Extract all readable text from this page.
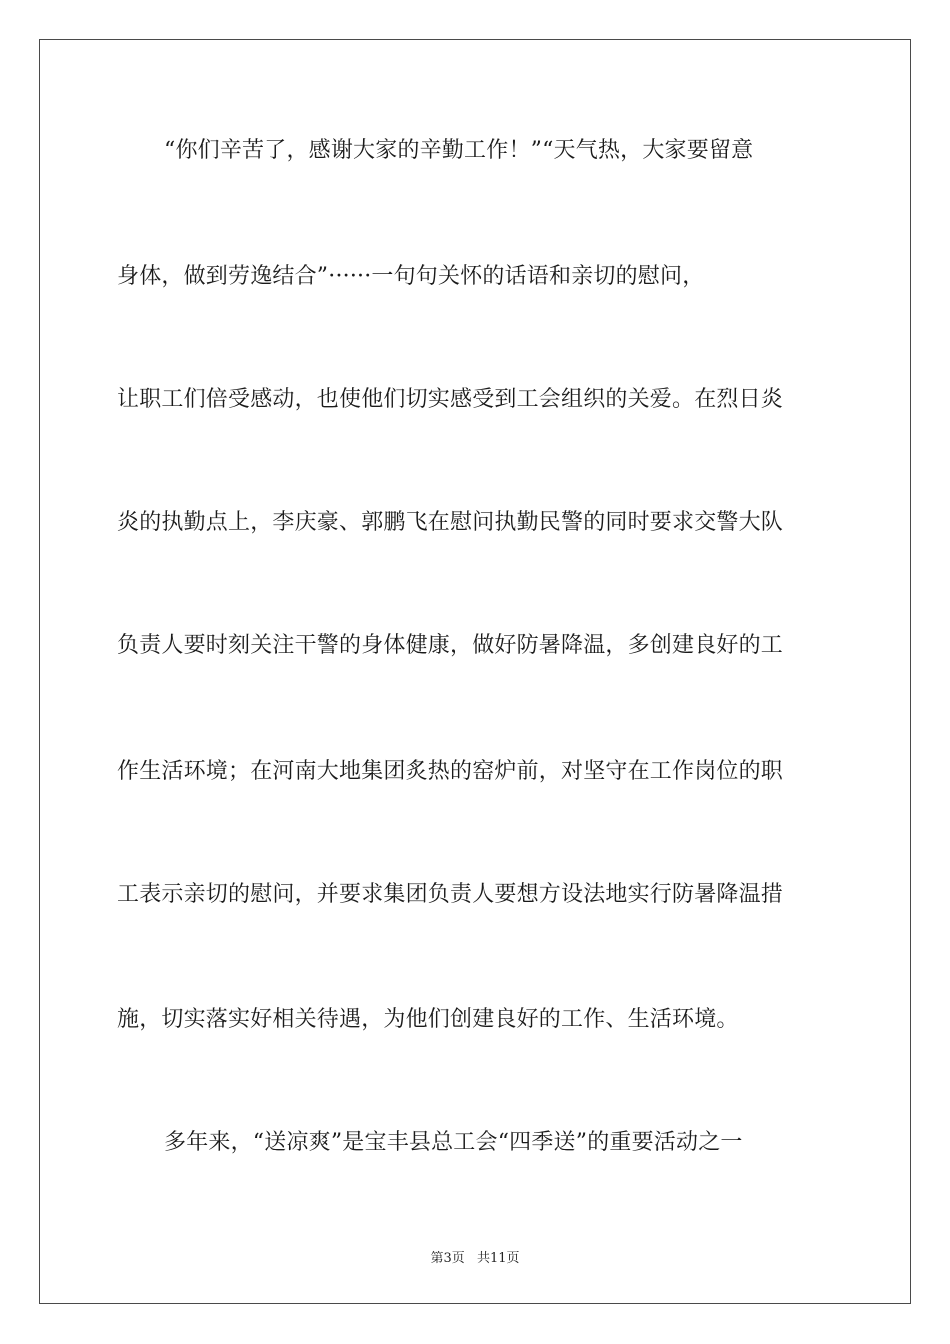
“你们辛苦了，感谢大家的辛勤工作！”“天气热，大家要留意
身体，做到劳逸结合”······一句句关怀的话语和亲切的慰问，
让职工们倍受感动，也使他们切实感受到工会组织的关爱。在烈日炎
炎的执勤点上，李庆豪、郭鹏飞在慰问执勤民警的同时要求交警大队
负责人要时刻关注干警的身体健康，做好防暑降温，多创建良好的工
作生活环境；在河南大地集团炙热的窑炉前，对坚守在工作岗位的职
工表示亲切的慰问，并要求集团负责人要想方设法地实行防暑降温措
施，切实落实好相关待遇，为他们创建良好的工作、生活环境。
多年来，“送凉爽”是宝丰县总工会“四季送”的重要活动之一
第3页 共11页
